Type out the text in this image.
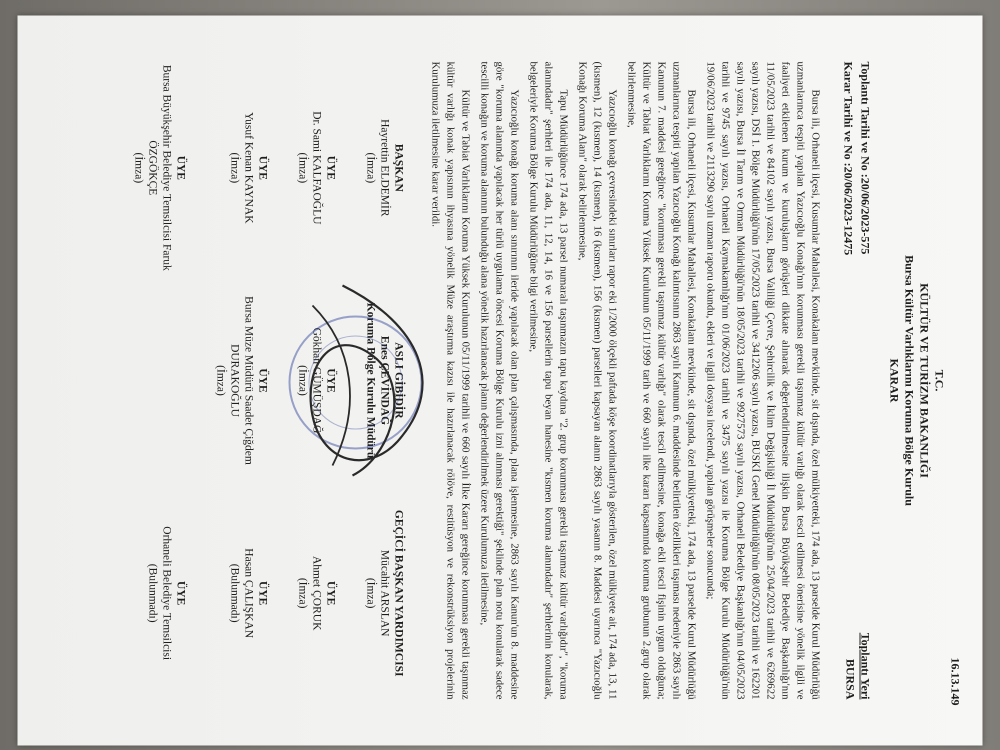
16.13.149
T.C.
KÜLTÜR VE TURİZM BAKANLIĞI
Bursa Kültür Varlıklarını Koruma Bölge Kurulu
KARAR
Toplantı Tarihi ve No :20/06/2023-575
Karar Tarihi ve No :20/06/2023-12475
Toplantı Yeri
BURSA

Bursa ili, Orhaneli ilçesi, Kusumlar Mahallesi, Konakalanı mevkiinde, sit dışında, özel mülkiyetteki, 174 ada, 13 parselde Kurul Müdürlüğü uzmanlarınca tespiti yapılan Yazıcıoğlu Konağı'nın korunması gerekli taşınmaz kültür varlığı olarak tescil edilmesi önerisine yönelik ilgili ve faaliyeti etkilenen kurum ve kuruluşların görüşleri dikkate alınarak değerlendirilmesine ilişkin Bursa Büyükşehir Belediye Başkanlığı'nın 11/05/2023 tarihli ve 84102 sayılı yazısı, Bursa Valiliği Çevre, Şehircilik ve İklim Değişikliği İl Müdürlüğü'nün 25/04/2023 tarihli ve 6269622 sayılı yazısı, DSİ 1. Bölge Müdürlüğü'nün 17/05/2023 tarihli ve 3412206 sayılı yazısı, BUSKİ Genel Müdürlüğü'nün 08/05/2023 tarihli ve 162201 sayılı yazısı, Bursa İl Tarım ve Orman Müdürlüğü'nün 18/05/2023 tarihli ve 9927573 sayılı yazısı, Orhaneli Belediye Başkanlığı'nın 04/05/2023 tarihli ve 9745 sayılı yazısı, Orhaneli Kaymakamlığı'nın 01/06/2023 tarihli ve 3475 sayılı yazısı ile Koruma Bölge Kurulu Müdürlüğü'nün 19/06/2023 tarihli ve 2113290 sayılı uzman raporu okundu, ekleri ve ilgili dosyası incelendi, yapılan görüşmeler sonucunda;

Bursa ili, Orhaneli ilçesi, Kusumlar Mahallesi, Konakalanı mevkiinde, sit dışında, özel mülkiyetteki, 174 ada, 13 parselde Kurul Müdürlüğü uzmanlarınca tespiti yapılan Yazıcıoğlu Konağı kalıntısının 2863 sayılı Kanunun 6. maddesinde belirtilen özellikleri taşıması nedeniyle 2863 sayılı Kanunun 7. maddesi gereğince "korunması gerekli taşınmaz kültür varlığı" olarak tescil edilmesine, konağa ekli tescil fişinin uygun olduğuna; Kültür ve Tabiat Varlıklarını Koruma Yüksek Kurulunun 05/11/1999 tarih ve 660 sayılı ilke kararı kapsamında koruma grubunun 2.grup olarak belirlenmesine,

Yazıcıoğlu konağı çevresindeki sınırları rapor eki 1/2000 ölçekli paftada köşe koordinatlarıyla gösterilen, özel mülkiyete ait, 174 ada, 13, 11 (kısmen), 12 (kısmen), 14 (kısmen), 16 (kısmen), 156 (kısmen) parselleri kapsayan alanın 2863 sayılı yasanın 8. Maddesi uyarınca "Yazıcıoğlu Konağı Koruma Alanı" olarak belirlenmesine,

Tapu Müdürlüğünce 174 ada, 13 parsel numaralı taşınmazın tapu kaydına "2. grup korunması gerekli taşınmaz kültür varlığıdır", "koruma alanındadır" şerhleri ile 174 ada, 11, 12, 14, 16 ve 156 parsellerin tapu beyan hanesine "kısmen koruma alanındadır" şerhlerinin konularak, belgeleriyle Koruma Bölge Kurulu Müdürlüğüne bilgi verilmesine,

Yazıcıoğlu konağı koruma alanı sınırının ileride yapılacak olan plan çalışmasında, plana işlenmesine, 2863 sayılı Kanun'un 8. maddesine göre "koruma alanında yapılacak her türlü uygulama öncesi Koruma Bölge Kurulu izni alınması gerektiği" şeklinde plan notu konularak sadece tescilli konağın ve koruma alanının bulunduğu alana yönelik hazırlanacak planın değerlendirilmek üzere Kurulumuza iletilmesine,

Kültür ve Tabiat Varlıklarını Koruma Yüksek Kurulunun 05/11/1999 tarihli ve 660 sayılı İlke Kararı gereğince korunması gerekli taşınmaz kültür varlığı konak yapısının ihyasına yönelik Müze araştırma kazısı ile hazırlanacak rölöve, restitüsyon ve rekonstrüksiyon projelerinin Kurulumuza iletilmesine karar verildi.

BAŞKAN
Hayrettin ELDEMİR
(İmza)
ASLI GİBİDİR
Enes ÇEVİNDAĞ
Koruma Bölge Kurulu Müdürü
GEÇİCİ BAŞKAN YARDIMCISI
Mücahit ARSLAN
(İmza)
ÜYE
Dr. Sami KALFAOĞLU
(İmza)
ÜYE
Gökhan GÜMÜŞDAĞ
(İmza)
ÜYE
Ahmet ÇORUK
(İmza)
ÜYE
Yusuf Kenan KAYNAK
(İmza)
ÜYE
Bursa Müze Müdürü Saadet Çiğdem DURAKOĞLU
(İmza)
ÜYE
Hasan ÇALIŞKAN
(Bulunmadı)
ÜYE
Bursa Büyükşehir Belediye Temsilcisi Faruk ÖZGÖKÇE
(İmza)
ÜYE
Orhaneli Belediye Temsilcisi
(Bulunmadı)
